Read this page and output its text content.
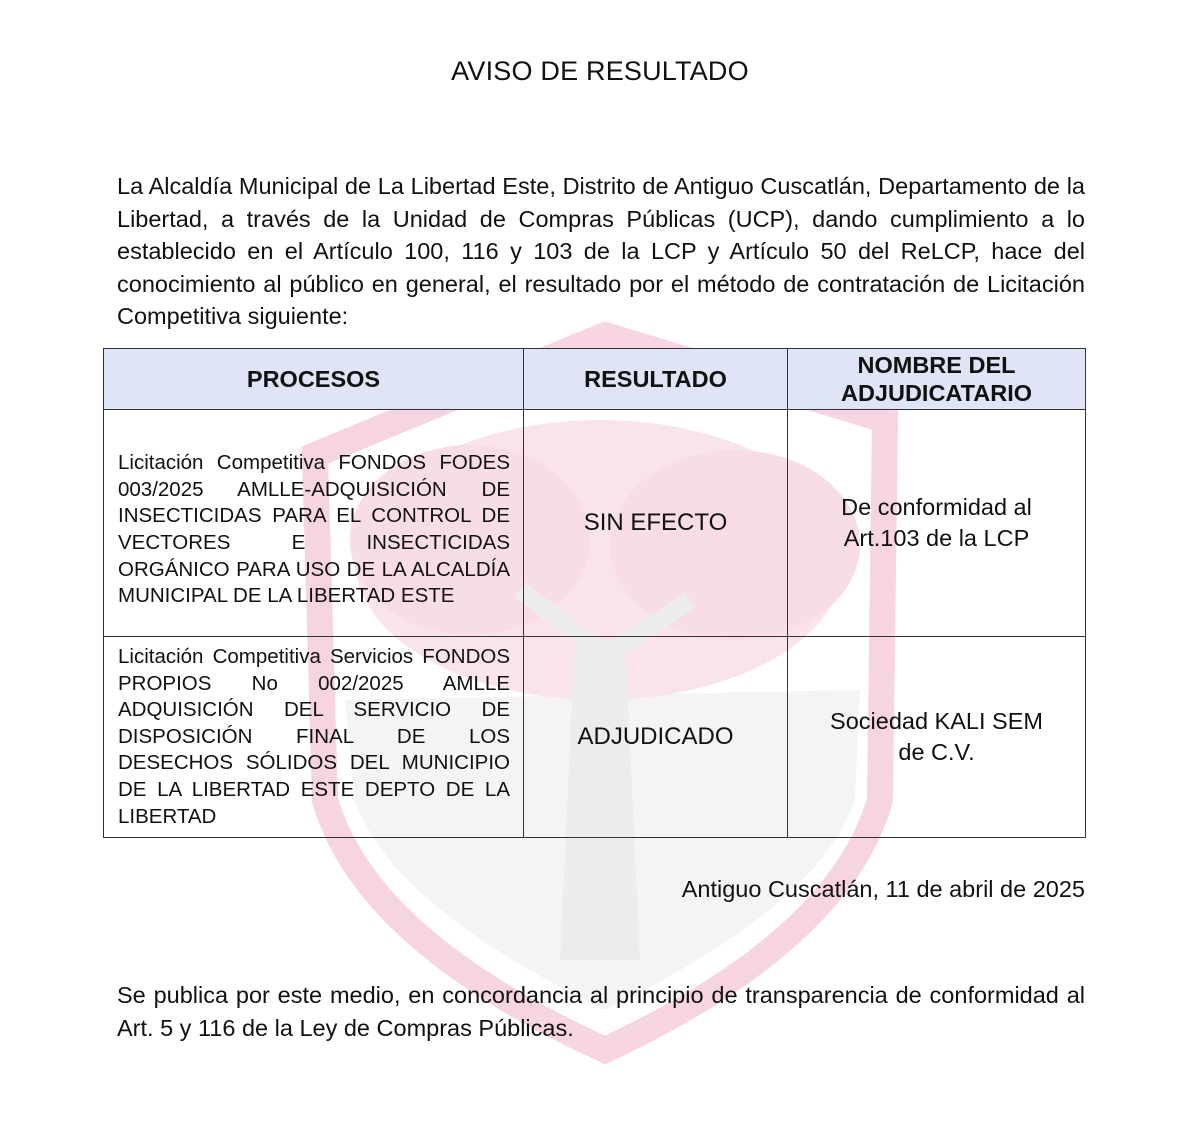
AVISO DE RESULTADO

La Alcaldía Municipal de La Libertad Este, Distrito de Antiguo Cuscatlán, Departamento de la Libertad, a través de la Unidad de Compras Públicas (UCP), dando cumplimiento a lo establecido en el Artículo 100, 116 y 103 de la LCP y Artículo 50 del ReLCP, hace del conocimiento al público en general, el resultado por el método de contratación de Licitación Competitiva siguiente:

PROCESOS	RESULTADO	NOMBRE DEL ADJUDICATARIO
Licitación Competitiva FONDOS FODES 003/2025 AMLLE-ADQUISICIÓN DE INSECTICIDAS PARA EL CONTROL DE VECTORES E INSECTICIDAS ORGÁNICO PARA USO DE LA ALCALDÍA MUNICIPAL DE LA LIBERTAD ESTE	SIN EFECTO	De conformidad al Art.103 de la LCP
Licitación Competitiva Servicios FONDOS PROPIOS No 002/2025 AMLLE ADQUISICIÓN DEL SERVICIO DE DISPOSICIÓN FINAL DE LOS DESECHOS SÓLIDOS DEL MUNICIPIO DE LA LIBERTAD ESTE DEPTO DE LA LIBERTAD	ADJUDICADO	Sociedad KALI SEM de C.V.
Antiguo Cuscatlán, 11 de abril de 2025

Se publica por este medio, en concordancia al principio de transparencia de conformidad al Art. 5 y 116 de la Ley de Compras Públicas.
